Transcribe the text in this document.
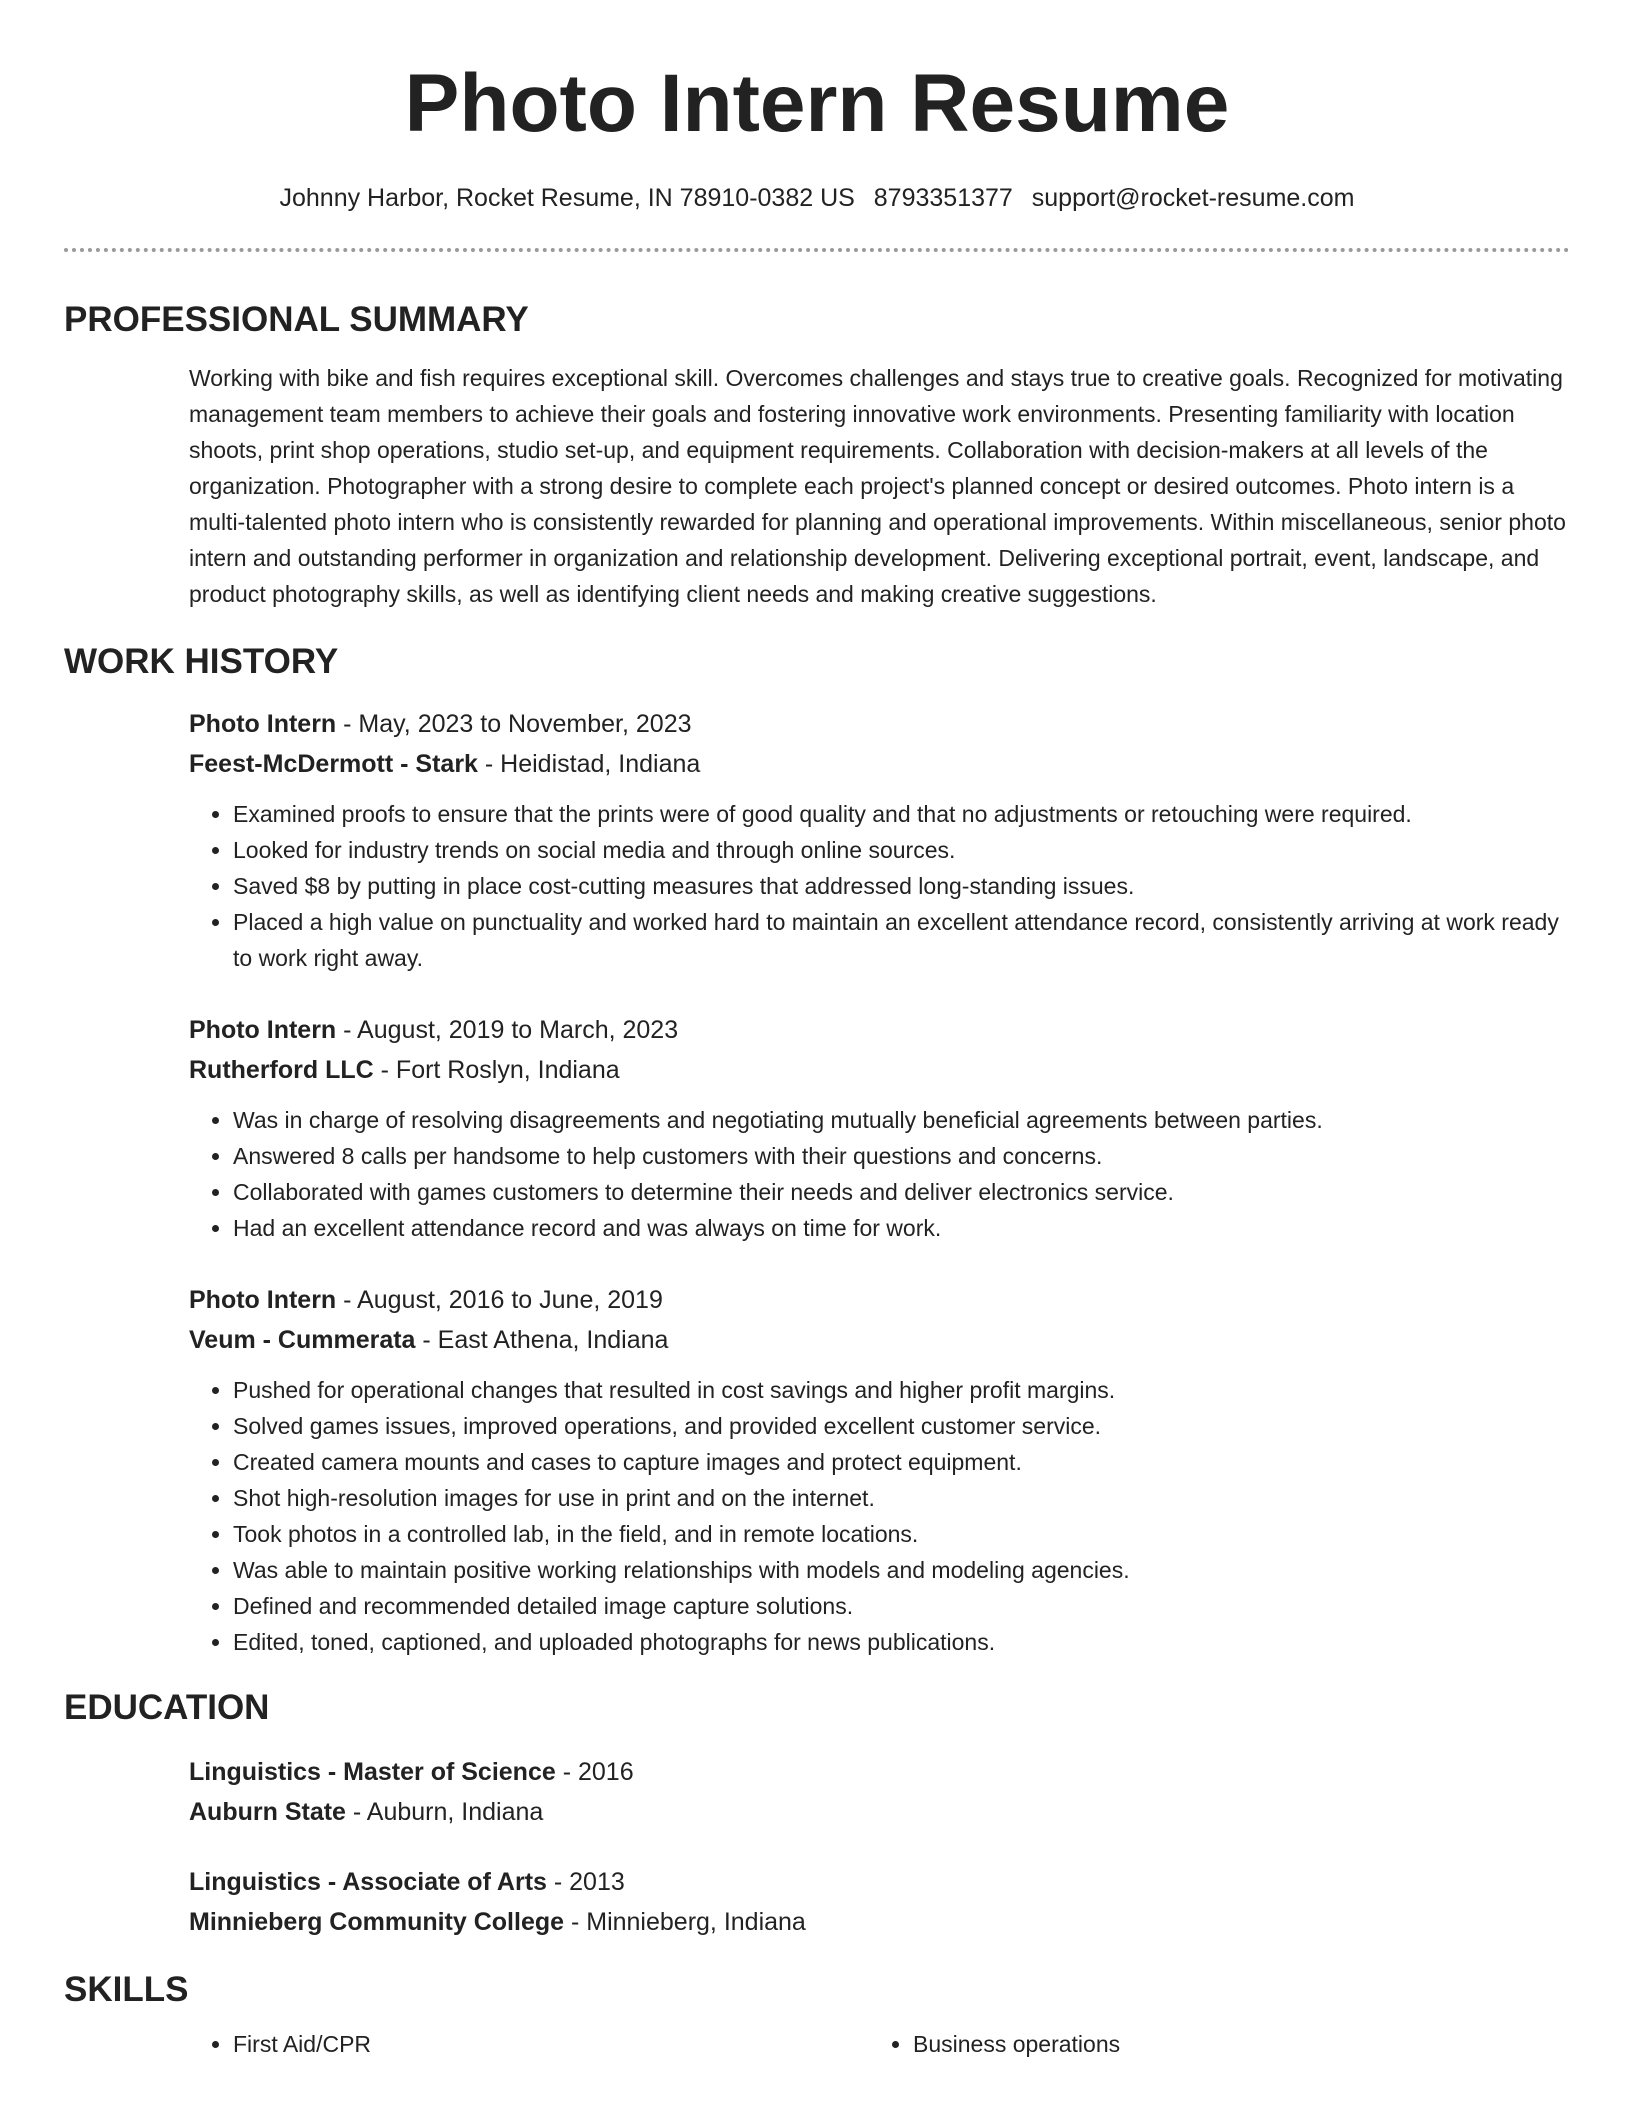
Photo Intern Resume
Johnny Harbor, Rocket Resume, IN 78910-0382 US 8793351377 support@rocket-resume.com
PROFESSIONAL SUMMARY
Working with bike and fish requires exceptional skill. Overcomes challenges and stays true to creative goals. Recognized for motivating management team members to achieve their goals and fostering innovative work environments. Presenting familiarity with location shoots, print shop operations, studio set-up, and equipment requirements. Collaboration with decision-makers at all levels of the organization. Photographer with a strong desire to complete each project's planned concept or desired outcomes. Photo intern is a multi-talented photo intern who is consistently rewarded for planning and operational improvements. Within miscellaneous, senior photo intern and outstanding performer in organization and relationship development. Delivering exceptional portrait, event, landscape, and product photography skills, as well as identifying client needs and making creative suggestions.
WORK HISTORY
Photo Intern - May, 2023 to November, 2023
Feest-McDermott - Stark - Heidistad, Indiana
• Examined proofs to ensure that the prints were of good quality and that no adjustments or retouching were required.
• Looked for industry trends on social media and through online sources.
• Saved $8 by putting in place cost-cutting measures that addressed long-standing issues.
• Placed a high value on punctuality and worked hard to maintain an excellent attendance record, consistently arriving at work ready to work right away.
Photo Intern - August, 2019 to March, 2023
Rutherford LLC - Fort Roslyn, Indiana
• Was in charge of resolving disagreements and negotiating mutually beneficial agreements between parties.
• Answered 8 calls per handsome to help customers with their questions and concerns.
• Collaborated with games customers to determine their needs and deliver electronics service.
• Had an excellent attendance record and was always on time for work.
Photo Intern - August, 2016 to June, 2019
Veum - Cummerata - East Athena, Indiana
• Pushed for operational changes that resulted in cost savings and higher profit margins.
• Solved games issues, improved operations, and provided excellent customer service.
• Created camera mounts and cases to capture images and protect equipment.
• Shot high-resolution images for use in print and on the internet.
• Took photos in a controlled lab, in the field, and in remote locations.
• Was able to maintain positive working relationships with models and modeling agencies.
• Defined and recommended detailed image capture solutions.
• Edited, toned, captioned, and uploaded photographs for news publications.
EDUCATION
Linguistics - Master of Science - 2016
Auburn State - Auburn, Indiana
Linguistics - Associate of Arts - 2013
Minnieberg Community College - Minnieberg, Indiana
SKILLS
• First Aid/CPR
•	Business operations
